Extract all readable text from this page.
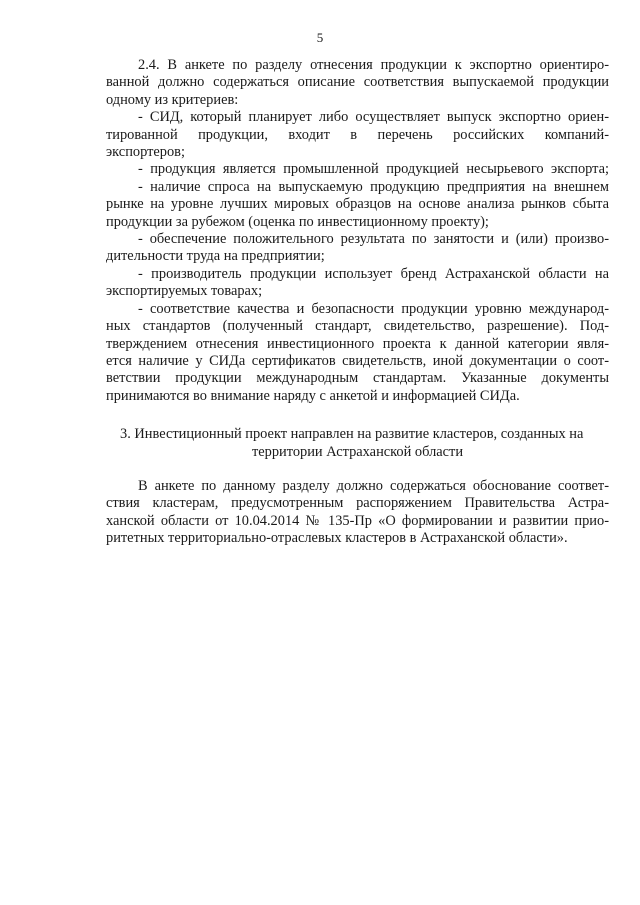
5
2.4. В анкете по разделу отнесения продукции к экспортно ориентиро-
ванной должно содержаться описание соответствия выпускаемой продукции
одному из критериев:
- СИД, который планирует либо осуществляет выпуск экспортно ориен-
тированной продукции, входит в перечень российских компаний-
экспортеров;
- продукция является промышленной продукцией несырьевого экспорта;
- наличие спроса на выпускаемую продукцию предприятия на внешнем
рынке на уровне лучших мировых образцов на основе анализа рынков сбыта
продукции за рубежом (оценка по инвестиционному проекту);
- обеспечение положительного результата по занятости и (или) произво-
дительности труда на предприятии;
- производитель продукции использует бренд Астраханской области на
экспортируемых товарах;
- соответствие качества и безопасности продукции уровню международ-
ных стандартов (полученный стандарт, свидетельство, разрешение). Под-
тверждением отнесения инвестиционного проекта к данной категории явля-
ется наличие у СИДа сертификатов свидетельств, иной документации о соот-
ветствии продукции международным стандартам. Указанные документы
принимаются во внимание наряду с анкетой и информацией СИДа.
3. Инвестиционный проект направлен на развитие кластеров, созданных на
территории Астраханской области
В анкете по данному разделу должно содержаться обоснование соответ-
ствия кластерам, предусмотренным распоряжением Правительства Астра-
ханской области от 10.04.2014 № 135-Пр «О формировании и развитии прио-
ритетных территориально-отраслевых кластеров в Астраханской области».
